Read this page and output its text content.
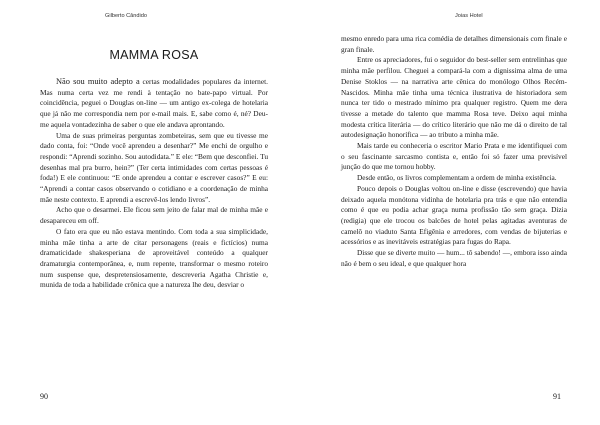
Gilberto Cândido
MAMMA ROSA

Não sou muito adepto a certas modalidades populares da internet. Mas numa certa vez me rendi à tentação no bate-papo virtual. Por coincidência, peguei o Douglas on-line — um antigo ex-colega de hotelaria que já não me correspondia nem por e-mail mais. E, sabe como é, né? Deu-me aquela vontadezinha de saber o que ele andava aprontando.

Uma de suas primeiras perguntas zombeteiras, sem que eu tivesse me dado conta, foi: “Onde você aprendeu a desenhar?” Me enchi de orgulho e respondi: “Aprendi sozinho. Sou autodidata.” E ele: “Bem que desconfiei. Tu desenhas mal pra burro, hein?” (Ter certa intimidades com certas pessoas é foda!) E ele continuou: “E onde aprendeu a contar e escrever casos?” E eu: “Aprendi a contar casos observando o cotidiano e a coordenação de minha mãe neste contexto. E aprendi a escrevê-los lendo livros”.

Acho que o desarmei. Ele ficou sem jeito de falar mal de minha mãe e desapareceu em off.

O fato era que eu não estava mentindo. Com toda a sua simplicidade, minha mãe tinha a arte de citar personagens (reais e fictícios) numa dramaticidade shakesperiana de aproveitável conteúdo a qualquer dramaturgia contemporânea, e, num repente, transformar o mesmo roteiro num suspense que, despretensiosamente, descreveria Agatha Christie e, munida de toda a habilidade crônica que a natureza lhe deu, desviar o

90
Joias Hotel

mesmo enredo para uma rica comédia de detalhes dimensionais com finale e gran finale.

Entre os apreciadores, fui o seguidor do best-seller sem entrelinhas que minha mãe perfilou. Cheguei a compará-la com a dignissima alma de uma Denise Stoklos — na narrativa arte cênica do monólogo Olhos Recém-Nascidos. Minha mãe tinha uma técnica ilustrativa de historiadora sem nunca ter tido o mestrado mínimo pra qualquer registro. Quem me dera tivesse a metade do talento que mamma Rosa teve. Deixo aqui minha modesta crítica literária — do crítico literário que não me dá o direito de tal autodesignação honorífica — ao tributo a minha mãe.

Mais tarde eu conheceria o escritor Mario Prata e me identifiquei com o seu fascinante sarcasmo contista e, então foi só fazer uma previsível junção do que me tornou hobby.

Desde então, os livros complementam a ordem de minha existência.

Pouco depois o Douglas voltou on-line e disse (escrevendo) que havia deixado aquela monótona vidinha de hotelaria pra trás e que não entendia como é que eu podia achar graça numa profissão tão sem graça. Dizia (redigia) que ele trocou os balcões de hotel pelas agitadas aventuras de camelô no viaduto Santa Efigênia e arredores, com vendas de bijuterias e acessórios e as inevitáveis estratégias para fugas do Rapa.

Disse que se diverte muito — hum... tô sabendo! —, embora isso ainda não é bem o seu ideal, e que qualquer hora

91
